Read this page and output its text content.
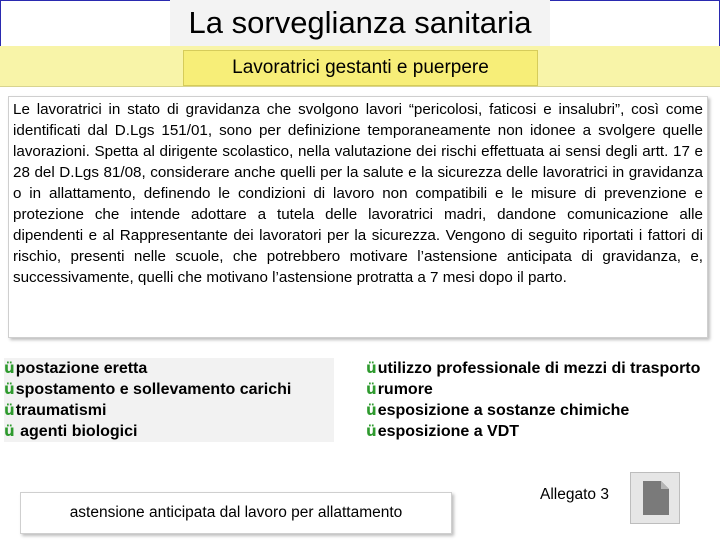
La sorveglianza sanitaria
Lavoratrici gestanti e puerpere
Le lavoratrici in stato di gravidanza che svolgono lavori “pericolosi, faticosi e insalubri”, così come identificati dal D.Lgs 151/01, sono per definizione temporaneamente non idonee a svolgere quelle lavorazioni. Spetta al dirigente scolastico, nella valutazione dei rischi effettuata ai sensi degli artt. 17 e 28 del D.Lgs 81/08, considerare anche quelli per la salute e la sicurezza delle lavoratrici in gravidanza o in allattamento, definendo le condizioni di lavoro non compatibili e le misure di prevenzione e protezione che intende adottare a tutela delle lavoratrici madri, dandone comunicazione alle dipendenti e al Rappresentante dei lavoratori per la sicurezza. Vengono di seguito riportati i fattori di rischio, presenti nelle scuole, che potrebbero motivare l’astensione anticipata di gravidanza, e, successivamente, quelli che motivano l’astensione protratta a 7 mesi dopo il parto.
üpostazione eretta
üspostamento e sollevamento carichi
ütraumatismi
ü agenti biologici
üutilizzo professionale di mezzi di trasporto
ürumore
üesposizione a sostanze chimiche
üesposizione a VDT
astensione anticipata dal lavoro per allattamento
Allegato 3
